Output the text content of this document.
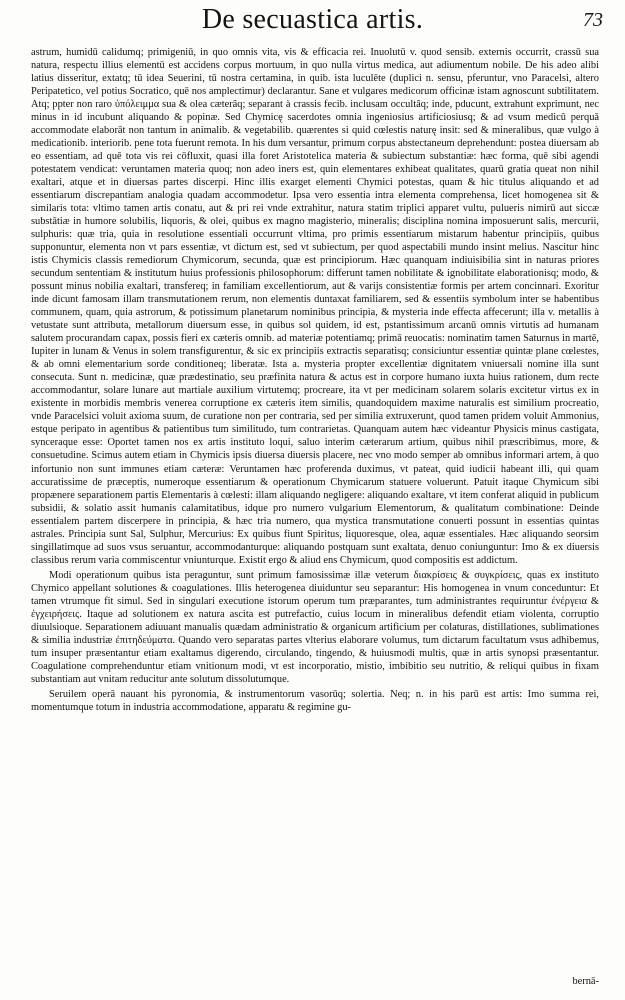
De secuastica artis.	73

astrum, humidū calidumq; primigeniū, in quo omnis vita, vis & efficacia rei. Inuolutū v. quod sensib. externis occurrit, crassū sua natura, respectu illius elementū est accidens corpus mortuum, in quo nulla virtus medica, aut adiumentum nobile. De his adeo alibi latius disseritur, extatq; tū idea Seuerini, tū nostra certamina, in quib. ista luculēte (duplici n. sensu, pferuntur, vno Paracelsi, altero Peripatetico, vel potius Socratico, quē nos amplectimur) declarantur. Sane et vulgares medicorum officinæ istam agnoscunt subtilitatem. Atq; ppter non raro ὑπόλειμμα sua & olea cæterâq; separant à crassis fecib. inclusam occultâq; inde, pducunt, extrahunt exprimunt, nec minus in id incubunt aliquando & popinæ. Sed Chymicę sacerdotes omnia ingeniosius artificiosiusq; & ad vsum medicū perquā accommodate elaborāt non tantum in animalib. & vegetabilib. quærentes si quid cœlestis naturę insit: sed & mineralibus, quæ vulgo à medicationib. interiorib. pene tota fuerunt remota. In his dum versantur, primum corpus abstectaneum deprehendunt: postea diuersam ab eo essentiam, ad quē tota vis rei cōfluxit, quasi illa foret Aristotelica materia & subiectum substantiæ: hæc forma, quē sibi agendi potestatem vendicat: veruntamen materia quoq; non adeo iners est, quin elementares exhibeat qualitates, quarū gratia queat non nihil exaltari, atque et in diuersas partes discerpi. Hinc illis exarget elementi Chymici potestas, quam & hic titulus aliquando et ad essentiarum discrepantiam analogia quadam accommodetur. Ipsa vero essentia intra elementa comprehensa, licet homogenea sit & similaris tota: vltimo tamen artis conatu, aut & pri rei vnde extrahitur, natura statim triplici apparet vultu, pulueris nimirū aut siccæ substātiæ in humore solubilis, liquoris, & olei, quibus ex magno magisterio, mineralis; disciplina nomina imposuerunt salis, mercurii, sulphuris: quæ tria, quia in resolutione essentiali occurrunt vltima, pro primis essentiarum mistarum habentur principiis, quibus supponuntur, elementa non vt pars essentiæ, vt dictum est, sed vt subiectum, per quod aspectabili mundo insint melius. Nascitur hinc istis Chymicis classis remediorum Chymicorum, secunda, quæ est principiorum. Hæc quanquam indiuisibilia sint in naturas priores secundum sententiam & institutum huius professionis philosophorum: differunt tamen nobilitate & ignobilitate elaborationisq; modo, & possunt minus nobilia exaltari, transfereq; in familiam excellentiorum, aut & varijs consistentiæ formis per artem concinnari. Exoritur inde dicunt famosam illam transmutationem rerum, non elementis duntaxat familiarem, sed & essentiis symbolum inter se habentibus communem, quam, quia astrorum, & potissimum planetarum nominibus principia, & mysteria inde effecta affecerunt; illa v. metallis à vetustate sunt attributa, metallorum diuersum esse, in quibus sol quidem, id est, pstantissimum arcanū omnis virtutis ad humanam salutem procurandam capax, possis fieri ex cæteris omnib. ad materiæ potentiamq; primā reuocatis: nominatim tamen Saturnus in martē, Iupiter in lunam & Venus in solem transfigurentur, & sic ex principiis extractis separatisq; consiciuntur essentiæ quintæ plane cœlestes, & ab omni elementarium sorde conditioneq; liberatæ. Ista a. mysteria propter excellentiæ dignitatem vniuersali nomine illa sunt consecuta. Sunt n. medicinæ, quæ prædestinatio, seu præfinita natura & actus est in corpore humano iuxta huius rationem, dum recte accommodantur, solare lunare aut martiale auxilium virtutemq; procreare, ita vt per medicinam solarem solaris excitetur virtus ex in existente in morbidis membris venerea corruptione ex cæteris item similis, quandoquidem maxime naturalis est similium procreatio, vnde Paracelsici voluit axioma suum, de curatione non per contraria, sed per similia extruxerunt, quod tamen pridem voluit Ammonius, estque peripato in agentibus & patientibus tum similitudo, tum contrarietas. Quanquam autem hæc videantur Physicis minus castigata, synceraque esse: Oportet tamen nos ex artis instituto loqui, saluo interim cæterarum artium, quibus nihil præscribimus, more, & consuetudine. Scimus autem etiam in Chymicis ipsis diuersa diuersis placere, nec vno modo semper ab omnibus informari artem, à quo infortunio non sunt immunes etiam cæteræ: Veruntamen hæc proferenda duximus, vt pateat, quid iudicii habeant illi, qui quam accuratissime de præceptis, numeroque essentiarum & operationum Chymicarum statuere voluerunt. Patuit itaque Chymicum sibi propænere separationem partis Elementaris à cœlesti: illam aliquando negligere: aliquando exaltare, vt item conferat aliquid in publicum subsidii, & solatio assit humanis calamitatibus, idque pro numero vulgarium Elementorum, & qualitatum combinatione: Deinde essentialem partem discerpere in principia, & hæc tria numero, qua mystica transmutatione conuerti possunt in essentias quintas astrales. Principia sunt Sal, Sulphur, Mercurius: Ex quibus fiunt Spiritus, liquoresque, olea, aquæ essentiales. Hæc aliquando seorsim singillatimque ad suos vsus seruantur, accommodanturque: aliquando postquam sunt exaltata, denuo coniunguntur: Imo & ex diuersis classibus rerum varia commiscentur vniunturque. Existit ergo & aliud ens Chymicum, quod compositis est addictum.

Modi operationum quibus ista peraguntur, sunt primum famosissimæ illæ veterum διακρίσεις & συγκρίσεις, quas ex instituto Chymico appellant solutiones & coagulationes. Illis heterogenea diuiduntur seu separantur: His homogenea in vnum conceduntur: Et tamen vtrumque fit simul. Sed in singulari executione istorum operum tum præparantes, tum administrantes requiruntur ἐνέργεια & ἐγχειρήσεις. Itaque ad solutionem ex natura ascita est putrefactio, cuius locum in mineralibus defendit etiam violenta, corruptio diuulsioque. Separationem adiuuant manualis quædam administratio & organicum artificium per colaturas, distillationes, sublimationes & similia industriæ ἐπιτηδεύματα. Quando vero separatas partes vlterius elaborare volumus, tum dictarum facultatum vsus adhibemus, tum insuper præsentantur etiam exaltamus digerendo, circulando, tingendo, & huiusmodi multis, quæ in artis synopsi præsentantur. Coagulatione comprehenduntur etiam vnitionum modi, vt est incorporatio, mistio, imbibitio seu nutritio, & reliqui quibus in fixam substantiam aut vnitam reducitur ante solutum dissolutumque.

Seruilem operā nauant his pyronomia, & instrumentorum vasorūq; solertia. Neq; n. in his parū est artis: Imo summa rei, momentumque totum in industria accommodatione, apparatu & regimine gu-

bernā-
